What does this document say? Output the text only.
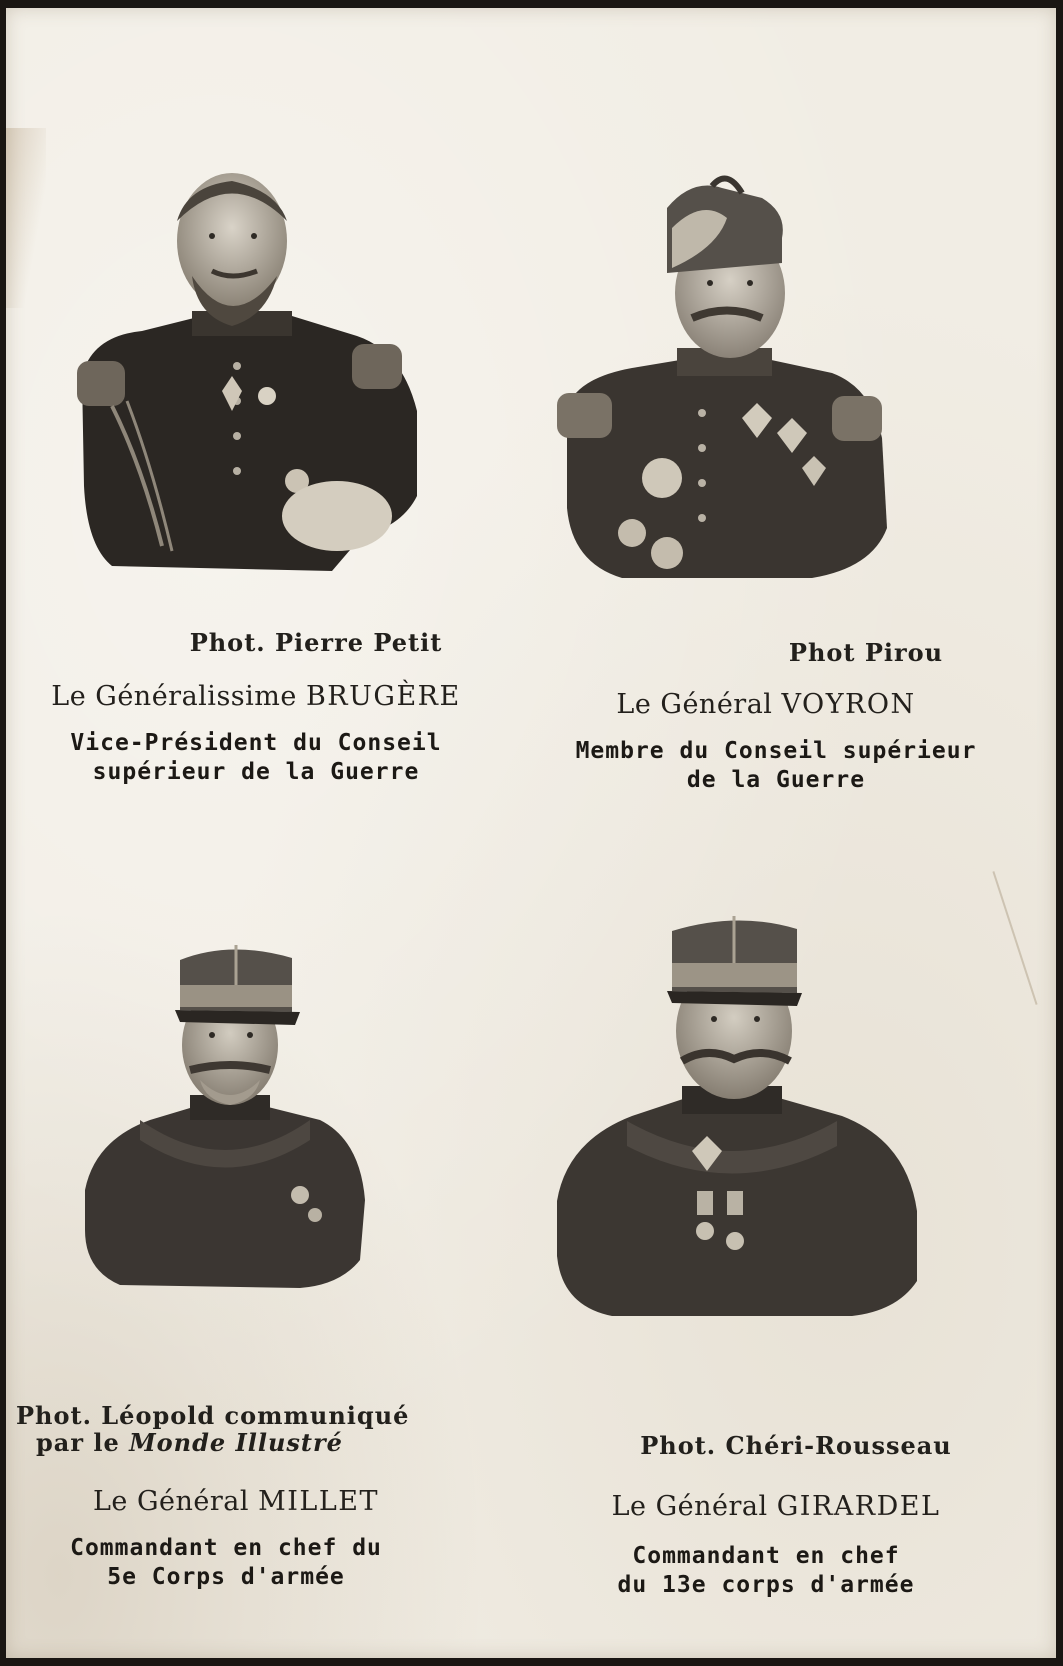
Phot. Pierre Petit
Le Généralissime BRUGÈRE
Vice-Président du Conseil
supérieur de la Guerre
Phot Pirou
Le Général VOYRON
Membre du Conseil supérieur
de la Guerre
Phot. Léopold communiqué
par le Monde Illustré
Le Général MILLET
Commandant en chef du
5e Corps d'armée
Phot. Chéri-Rousseau
Le Général GIRARDEL
Commandant en chef
du 13e corps d'armée
